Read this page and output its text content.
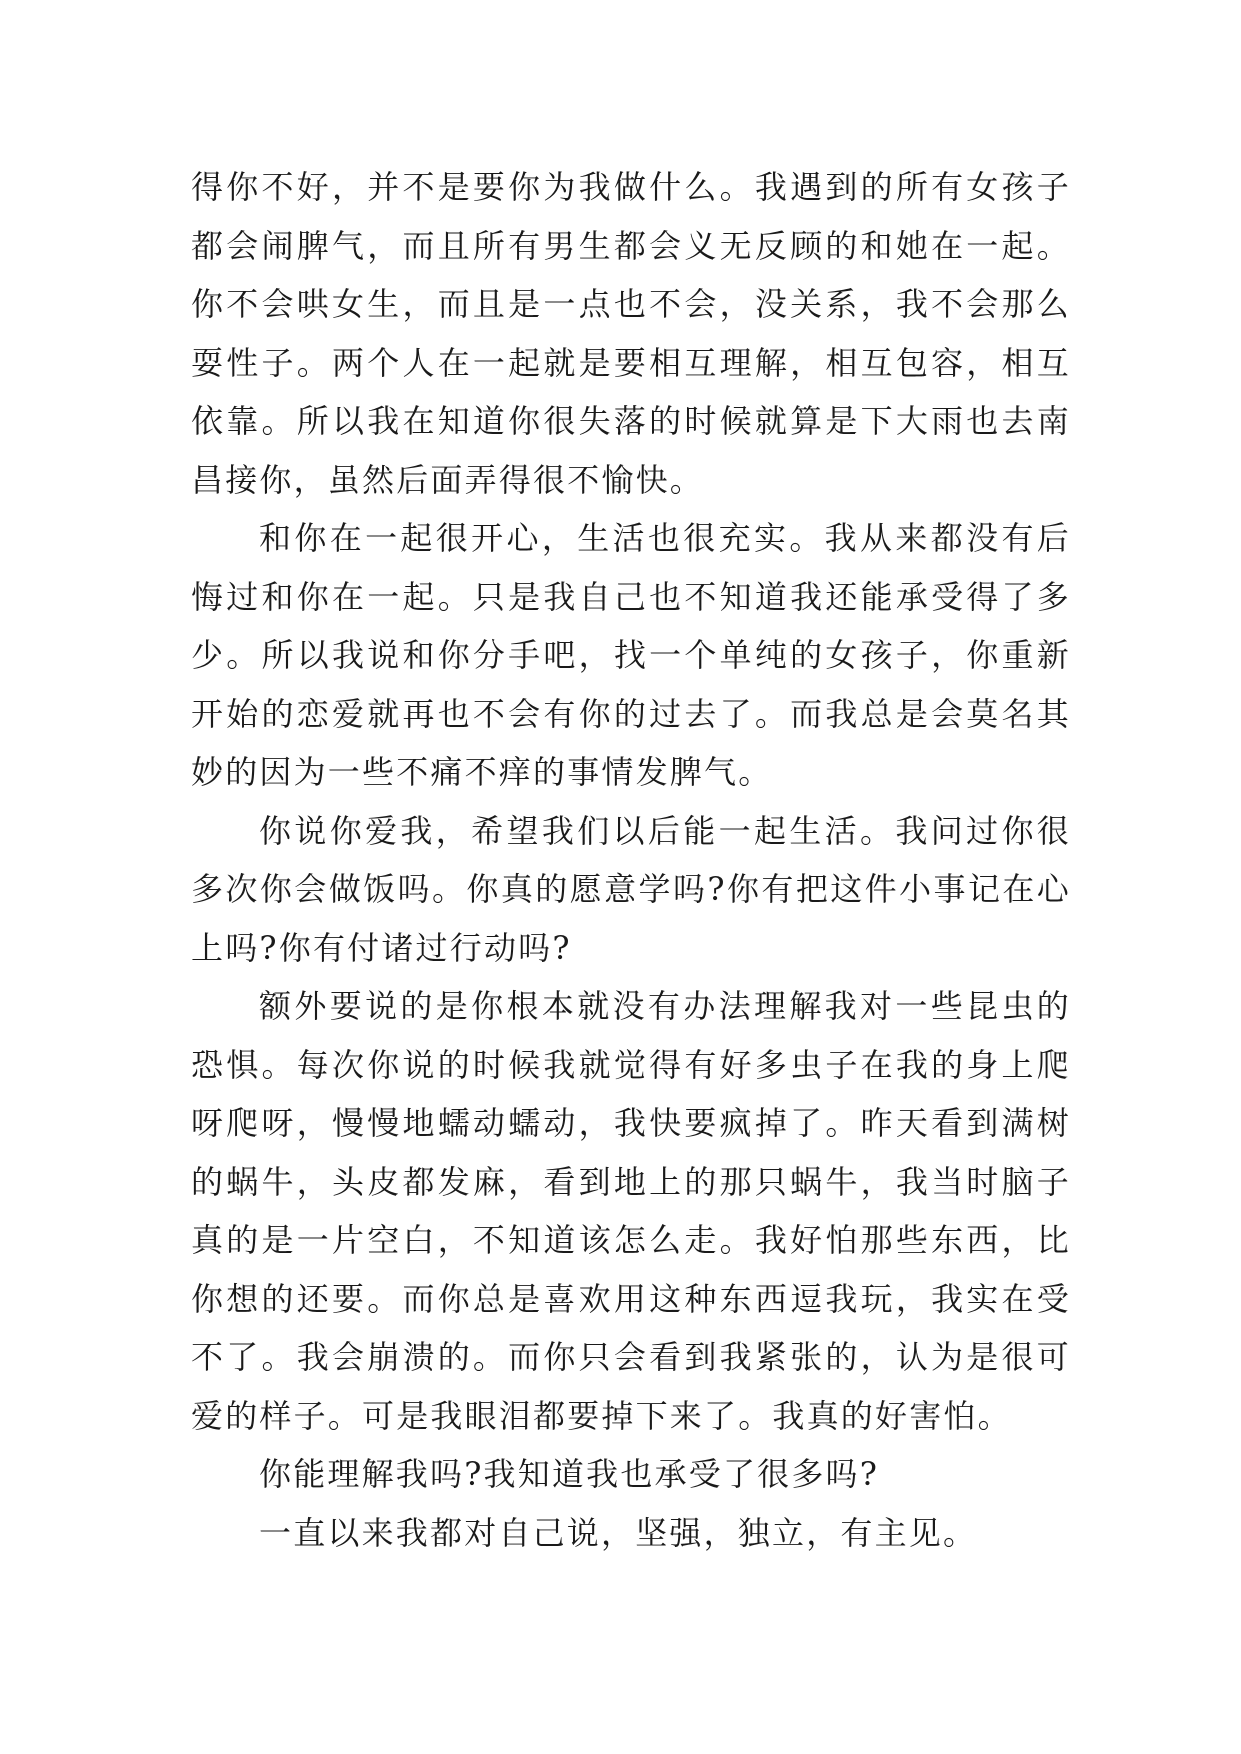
得你不好，并不是要你为我做什么。我遇到的所有女孩子都会闹脾气，而且所有男生都会义无反顾的和她在一起。你不会哄女生，而且是一点也不会，没关系，我不会那么耍性子。两个人在一起就是要相互理解，相互包容，相互依靠。所以我在知道你很失落的时候就算是下大雨也去南昌接你，虽然后面弄得很不愉快。

和你在一起很开心，生活也很充实。我从来都没有后悔过和你在一起。只是我自己也不知道我还能承受得了多少。所以我说和你分手吧，找一个单纯的女孩子，你重新开始的恋爱就再也不会有你的过去了。而我总是会莫名其妙的因为一些不痛不痒的事情发脾气。

你说你爱我，希望我们以后能一起生活。我问过你很多次你会做饭吗。你真的愿意学吗?你有把这件小事记在心上吗?你有付诸过行动吗?

额外要说的是你根本就没有办法理解我对一些昆虫的恐惧。每次你说的时候我就觉得有好多虫子在我的身上爬呀爬呀，慢慢地蠕动蠕动，我快要疯掉了。昨天看到满树的蜗牛，头皮都发麻，看到地上的那只蜗牛，我当时脑子真的是一片空白，不知道该怎么走。我好怕那些东西，比你想的还要。而你总是喜欢用这种东西逗我玩，我实在受不了。我会崩溃的。而你只会看到我紧张的，认为是很可爱的样子。可是我眼泪都要掉下来了。我真的好害怕。

你能理解我吗?我知道我也承受了很多吗?

一直以来我都对自己说，坚强，独立，有主见。
